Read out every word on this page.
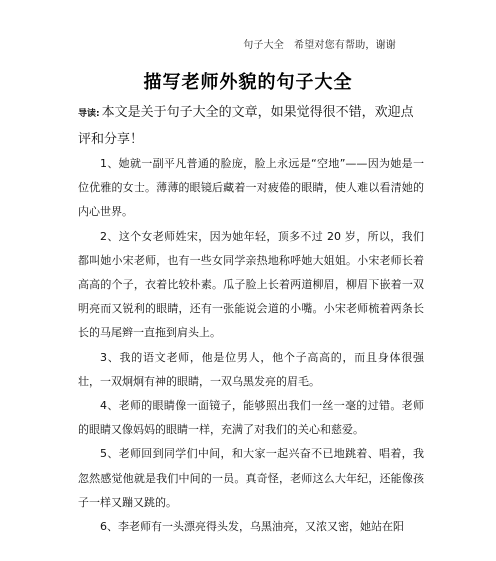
句子大全 希望对您有帮助，谢谢
描写老师外貌的句子大全
导读: 本文是关于句子大全的文章，如果觉得很不错，欢迎点评和分享！

1、她就一副平凡普通的脸庞，脸上永远是“空地”——因为她是一位优雅的女士。薄薄的眼镜后藏着一对疲倦的眼睛，使人难以看清她的内心世界。

2、这个女老师姓宋，因为她年轻，顶多不过 20 岁，所以，我们都叫她小宋老师，也有一些女同学亲热地称呼她大姐姐。小宋老师长着高高的个子，衣着比较朴素。瓜子脸上长着两道柳眉，柳眉下嵌着一双明亮而又锐利的眼睛，还有一张能说会道的小嘴。小宋老师梳着两条长长的马尾辫一直拖到肩头上。

3、我的语文老师，他是位男人，他个子高高的，而且身体很强壮，一双炯炯有神的眼睛，一双乌黑发亮的眉毛。

4、老师的眼睛像一面镜子，能够照出我们一丝一毫的过错。老师的眼睛又像妈妈的眼睛一样，充满了对我们的关心和慈爱。

5、老师回到同学们中间，和大家一起兴奋不已地跳着、唱着，我忽然感觉他就是我们中间的一员。真奇怪，老师这么大年纪，还能像孩子一样又蹦又跳的。

6、李老师有一头漂亮得头发，乌黑油亮，又浓又密，她站在阳
